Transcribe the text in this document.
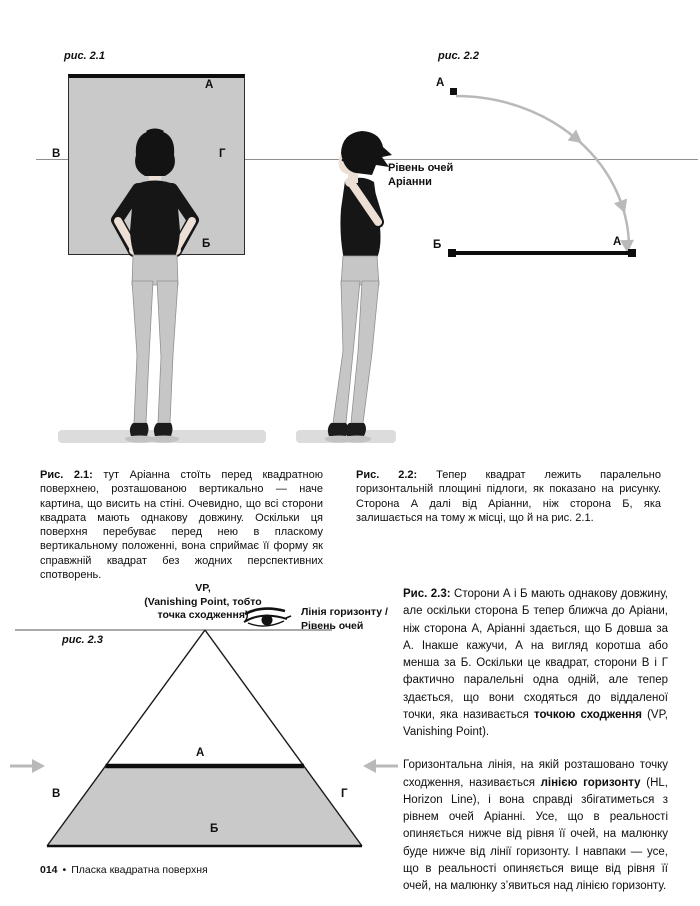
рис. 2.1
А
В	Г
Б
рис. 2.2
Рівень очей
Аріанни
А
Б	А

Рис. 2.1: тут Аріанна стоїть перед квадратною поверхнею, розташованою вертикально — наче картина, що висить на стіні. Очевидно, що всі сторони квадрата мають однакову довжину. Оскільки ця поверхня перебуває перед нею в пласкому вертикальному положенні, вона сприймає її форму як справжній квадрат без жодних перспективних спотворень.

Рис. 2.2: Тепер квадрат лежить паралельно горизонтальній площині підлоги, як показано на рисунку. Сторона А далі від Аріанни, ніж сторона Б, яка залишається на тому ж місці, що й на рис. 2.1.

VP,
(Vanishing Point, тобто
точка сходження)	Лінія горизонту /
Рівень очей
рис. 2.3
А
Б
В	Г

Рис. 2.3: Сторони А і Б мають однакову довжину, але оскільки сторона Б тепер ближча до Аріани, ніж сторона А, Аріанні здається, що Б довша за А. Інакше кажучи, А на вигляд коротша або менша за Б. Оскільки це квадрат, сторони В і Г фактично паралельні одна одній, але тепер здається, що вони сходяться до віддаленої точки, яка називається точкою сходження (VP, Vanishing Point).

Горизонтальна лінія, на якій розташовано точку сходження, називається лінією горизонту (HL, Horizon Line), і вона справді збігатиметься з рівнем очей Аріанні. Усе, що в реальності опиняється нижче від рівня її очей, на малюнку буде нижче від лінії горизонту. І навпаки — усе, що в реальності опиняється вище від рівня її очей, на малюнку з’явиться над лінією горизонту.

014 • Пласка квадратна поверхня
